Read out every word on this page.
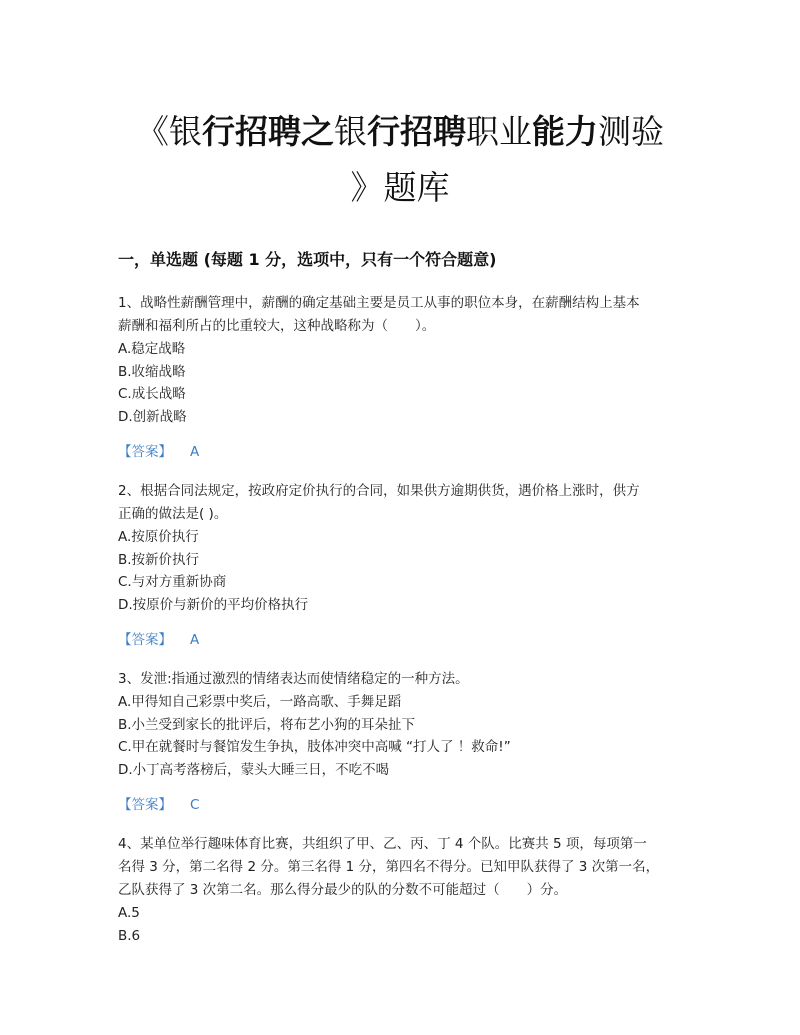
《银行招聘之银行招聘职业能力测验
》题库
一，单选题 (每题 1 分，选项中，只有一个符合题意)

1、战略性薪酬管理中，薪酬的确定基础主要是员工从事的职位本身，在薪酬结构上基本

薪酬和福利所占的比重较大，这种战略称为（　　）。

A.稳定战略

B.收缩战略

C.成长战略

D.创新战略

【答案】 A

2、根据合同法规定，按政府定价执行的合同，如果供方逾期供货，遇价格上涨时，供方

正确的做法是( )。

A.按原价执行

B.按新价执行

C.与对方重新协商

D.按原价与新价的平均价格执行

【答案】 A

3、发泄:指通过激烈的情绪表达而使情绪稳定的一种方法。

A.甲得知自己彩票中奖后，一路高歌、手舞足蹈

B.小兰受到家长的批评后，将布艺小狗的耳朵扯下

C.甲在就餐时与餐馆发生争执，肢体冲突中高喊 “打人了 ！救命!”

D.小丁高考落榜后，蒙头大睡三日，不吃不喝

【答案】 C

4、某单位举行趣味体育比赛，共组织了甲、乙、丙、丁 4 个队。比赛共 5 项，每项第一

名得 3 分，第二名得 2 分。第三名得 1 分，第四名不得分。已知甲队获得了 3 次第一名，

乙队获得了 3 次第二名。那么得分最少的队的分数不可能超过（　　）分。

A.5

B.6
